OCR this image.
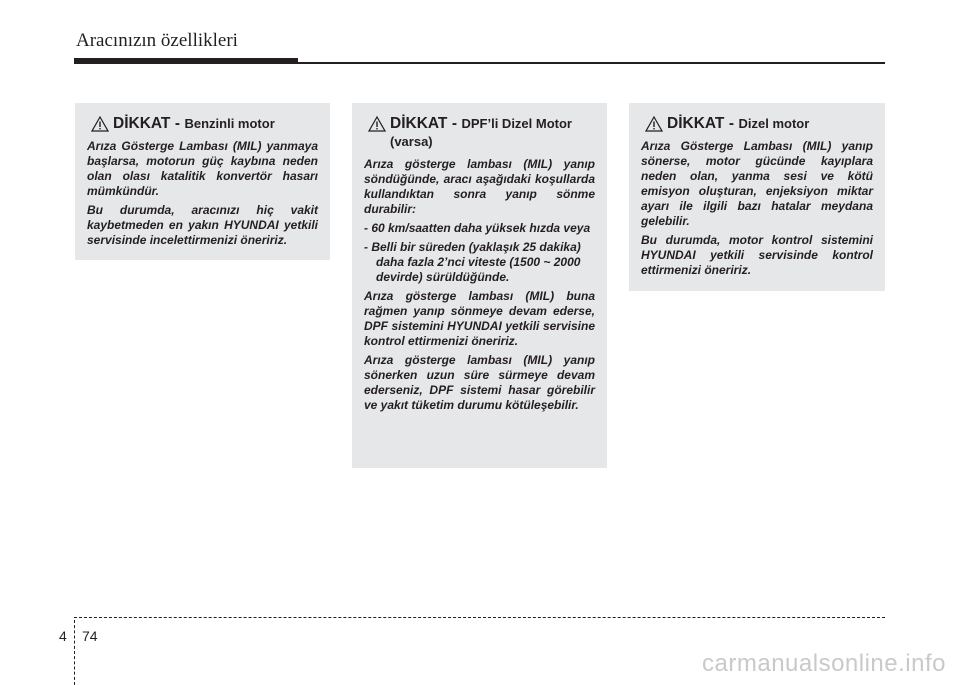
Aracınızın özellikleri
DİKKAT - Benzinli motor

Arıza Gösterge Lambası (MIL) yanmaya başlarsa, motorun güç kaybına neden olan olası katalitik konvertör hasarı mümkündür.

Bu durumda, aracınızı hiç vakit kaybetmeden en yakın HYUNDAI yetkili servisinde incelettirmenizi öneririz.

DİKKAT - DPF’li Dizel Motor (varsa)

Arıza gösterge lambası (MIL) yanıp söndüğünde, aracı aşağıdaki koşullarda kullandıktan sonra yanıp sönme durabilir:

- 60 km/saatten daha yüksek hızda veya

- Belli bir süreden (yaklaşık 25 dakika) daha fazla 2’nci viteste (1500 ~ 2000 devirde) sürüldüğünde.

Arıza gösterge lambası (MIL) buna rağmen yanıp sönmeye devam ederse, DPF sistemini HYUNDAI yetkili servisine kontrol ettirmenizi öneririz.

Arıza gösterge lambası (MIL) yanıp sönerken uzun süre sürmeye devam ederseniz, DPF sistemi hasar görebilir ve yakıt tüketim durumu kötüleşebilir.

DİKKAT - Dizel motor

Arıza Gösterge Lambası (MIL) yanıp sönerse, motor gücünde kayıplara neden olan, yanma sesi ve kötü emisyon oluşturan, enjeksiyon miktar ayarı ile ilgili bazı hatalar meydana gelebilir.

Bu durumda, motor kontrol sistemini HYUNDAI yetkili servisinde kontrol ettirmenizi öneririz.

4 74
carmanualsonline.info
